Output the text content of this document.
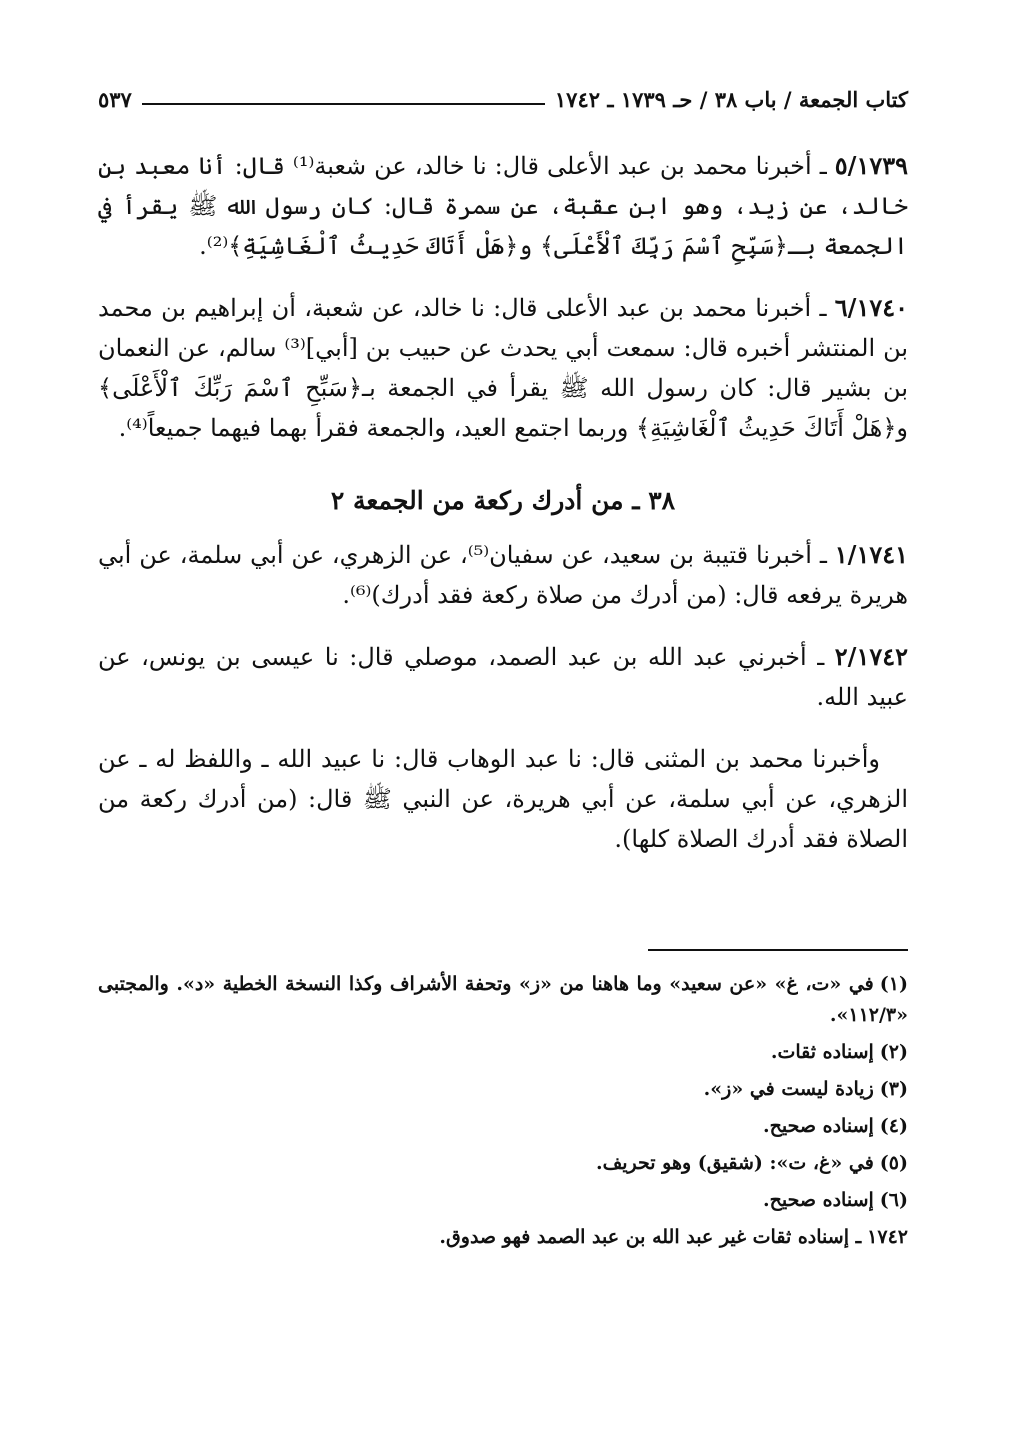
كتاب الجمعة / باب ٣٨ / حـ ١٧٣٩ ـ ١٧٤٢
٥٣٧

٥/١٧٣٩ ـ أخبرنا محمد بن عبد الأعلى قال: نا خالد، عن شعبة⁽¹⁾ قال: أنا معبد بن خالد، عن زيد، وهو ابن عقبة، عن سمرة قال: كان رسول الله ﷺ يقرأ في الجمعة بـ﴿سَبِّحِ ٱسْمَ رَبِّكَ ٱلْأَعْلَى﴾ و﴿هَلْ أَتَاكَ حَدِيثُ ٱلْغَاشِيَةِ﴾⁽²⁾.

٦/١٧٤٠ ـ أخبرنا محمد بن عبد الأعلى قال: نا خالد، عن شعبة، أن إبراهيم بن محمد بن المنتشر أخبره قال: سمعت أبي يحدث عن حبيب بن [أبي]⁽³⁾ سالم، عن النعمان بن بشير قال: كان رسول الله ﷺ يقرأ في الجمعة بـ﴿سَبِّحِ ٱسْمَ رَبِّكَ ٱلْأَعْلَى﴾ و﴿هَلْ أَتَاكَ حَدِيثُ ٱلْغَاشِيَةِ﴾ وربما اجتمع العيد، والجمعة فقرأ بهما فيهما جميعاً⁽⁴⁾.

٣٨ ـ من أدرك ركعة من الجمعة ٢

١/١٧٤١ ـ أخبرنا قتيبة بن سعيد، عن سفيان⁽⁵⁾، عن الزهري، عن أبي سلمة، عن أبي هريرة يرفعه قال: (من أدرك من صلاة ركعة فقد أدرك)⁽⁶⁾.

٢/١٧٤٢ ـ أخبرني عبد الله بن عبد الصمد، موصلي قال: نا عيسى بن يونس، عن عبيد الله.

وأخبرنا محمد بن المثنى قال: نا عبد الوهاب قال: نا عبيد الله ـ واللفظ له ـ عن الزهري، عن أبي سلمة، عن أبي هريرة، عن النبي ﷺ قال: (من أدرك ركعة من الصلاة فقد أدرك الصلاة كلها).

(١)في «ت، غ» «عن سعيد» وما هاهنا من «ز» وتحفة الأشراف وكذا النسخة الخطية «د». والمجتبى «١١٢/٣».
(٢)إسناده ثقات.
(٣)زيادة ليست في «ز».
(٤)إسناده صحيح.
(٥)في «غ، ت»: (شقيق) وهو تحريف.
(٦)إسناده صحيح.
١٧٤٢ـ إسناده ثقات غير عبد الله بن عبد الصمد فهو صدوق.
